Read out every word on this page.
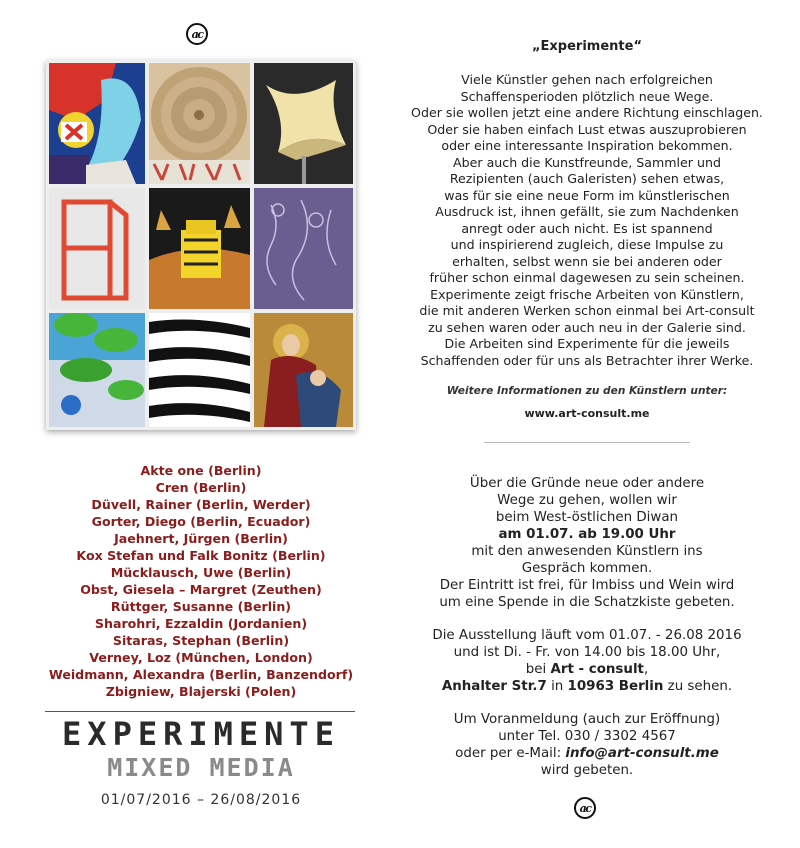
ac
„Experimente“

Viele Künstler gehen nach erfolgreichen

Schaffensperioden plötzlich neue Wege.

Oder sie wollen jetzt eine andere Richtung einschlagen.

Oder sie haben einfach Lust etwas auszuprobieren

oder eine interessante Inspiration bekommen.

Aber auch die Kunstfreunde, Sammler und

Rezipienten (auch Galeristen) sehen etwas,

was für sie eine neue Form im künstlerischen

Ausdruck ist, ihnen gefällt, sie zum Nachdenken

anregt oder auch nicht. Es ist spannend

und inspirierend zugleich, diese Impulse zu

erhalten, selbst wenn sie bei anderen oder

früher schon einmal dagewesen zu sein scheinen.

Experimente zeigt frische Arbeiten von Künstlern,

die mit anderen Werken schon einmal bei Art-consult

zu sehen waren oder auch neu in der Galerie sind.

Die Arbeiten sind Experimente für die jeweils

Schaffenden oder für uns als Betrachter ihrer Werke.

Weitere Informationen zu den Künstlern unter:
www.art-consult.me
Über die Gründe neue oder andere
Wege zu gehen, wollen wir
beim West-östlichen Diwan
am 01.07. ab 19.00 Uhr
mit den anwesenden Künstlern ins
Gespräch kommen.
Der Eintritt ist frei, für Imbiss und Wein wird
um eine Spende in die Schatzkiste gebeten.
Die Ausstellung läuft vom 01.07. - 26.08 2016
und ist Di. - Fr. von 14.00 bis 18.00 Uhr,
bei Art - consult,
Anhalter Str.7 in 10963 Berlin zu sehen.
Um Voranmeldung (auch zur Eröffnung)
unter Tel. 030 / 3302 4567
oder per e-Mail: info@art-consult.me
wird gebeten.
ac
Akte one (Berlin)
Cren (Berlin)
Düvell, Rainer (Berlin, Werder)
Gorter, Diego (Berlin, Ecuador)
Jaehnert, Jürgen (Berlin)
Kox Stefan und Falk Bonitz (Berlin)
Mücklausch, Uwe (Berlin)
Obst, Giesela – Margret (Zeuthen)
Rüttger, Susanne (Berlin)
Sharohri, Ezzaldin (Jordanien)
Sitaras, Stephan (Berlin)
Verney, Loz (München, London)
Weidmann, Alexandra (Berlin, Banzendorf)
Zbigniew, Blajerski (Polen)
EXPERIMENTE
MIXED MEDIA
01/07/2016 – 26/08/2016
